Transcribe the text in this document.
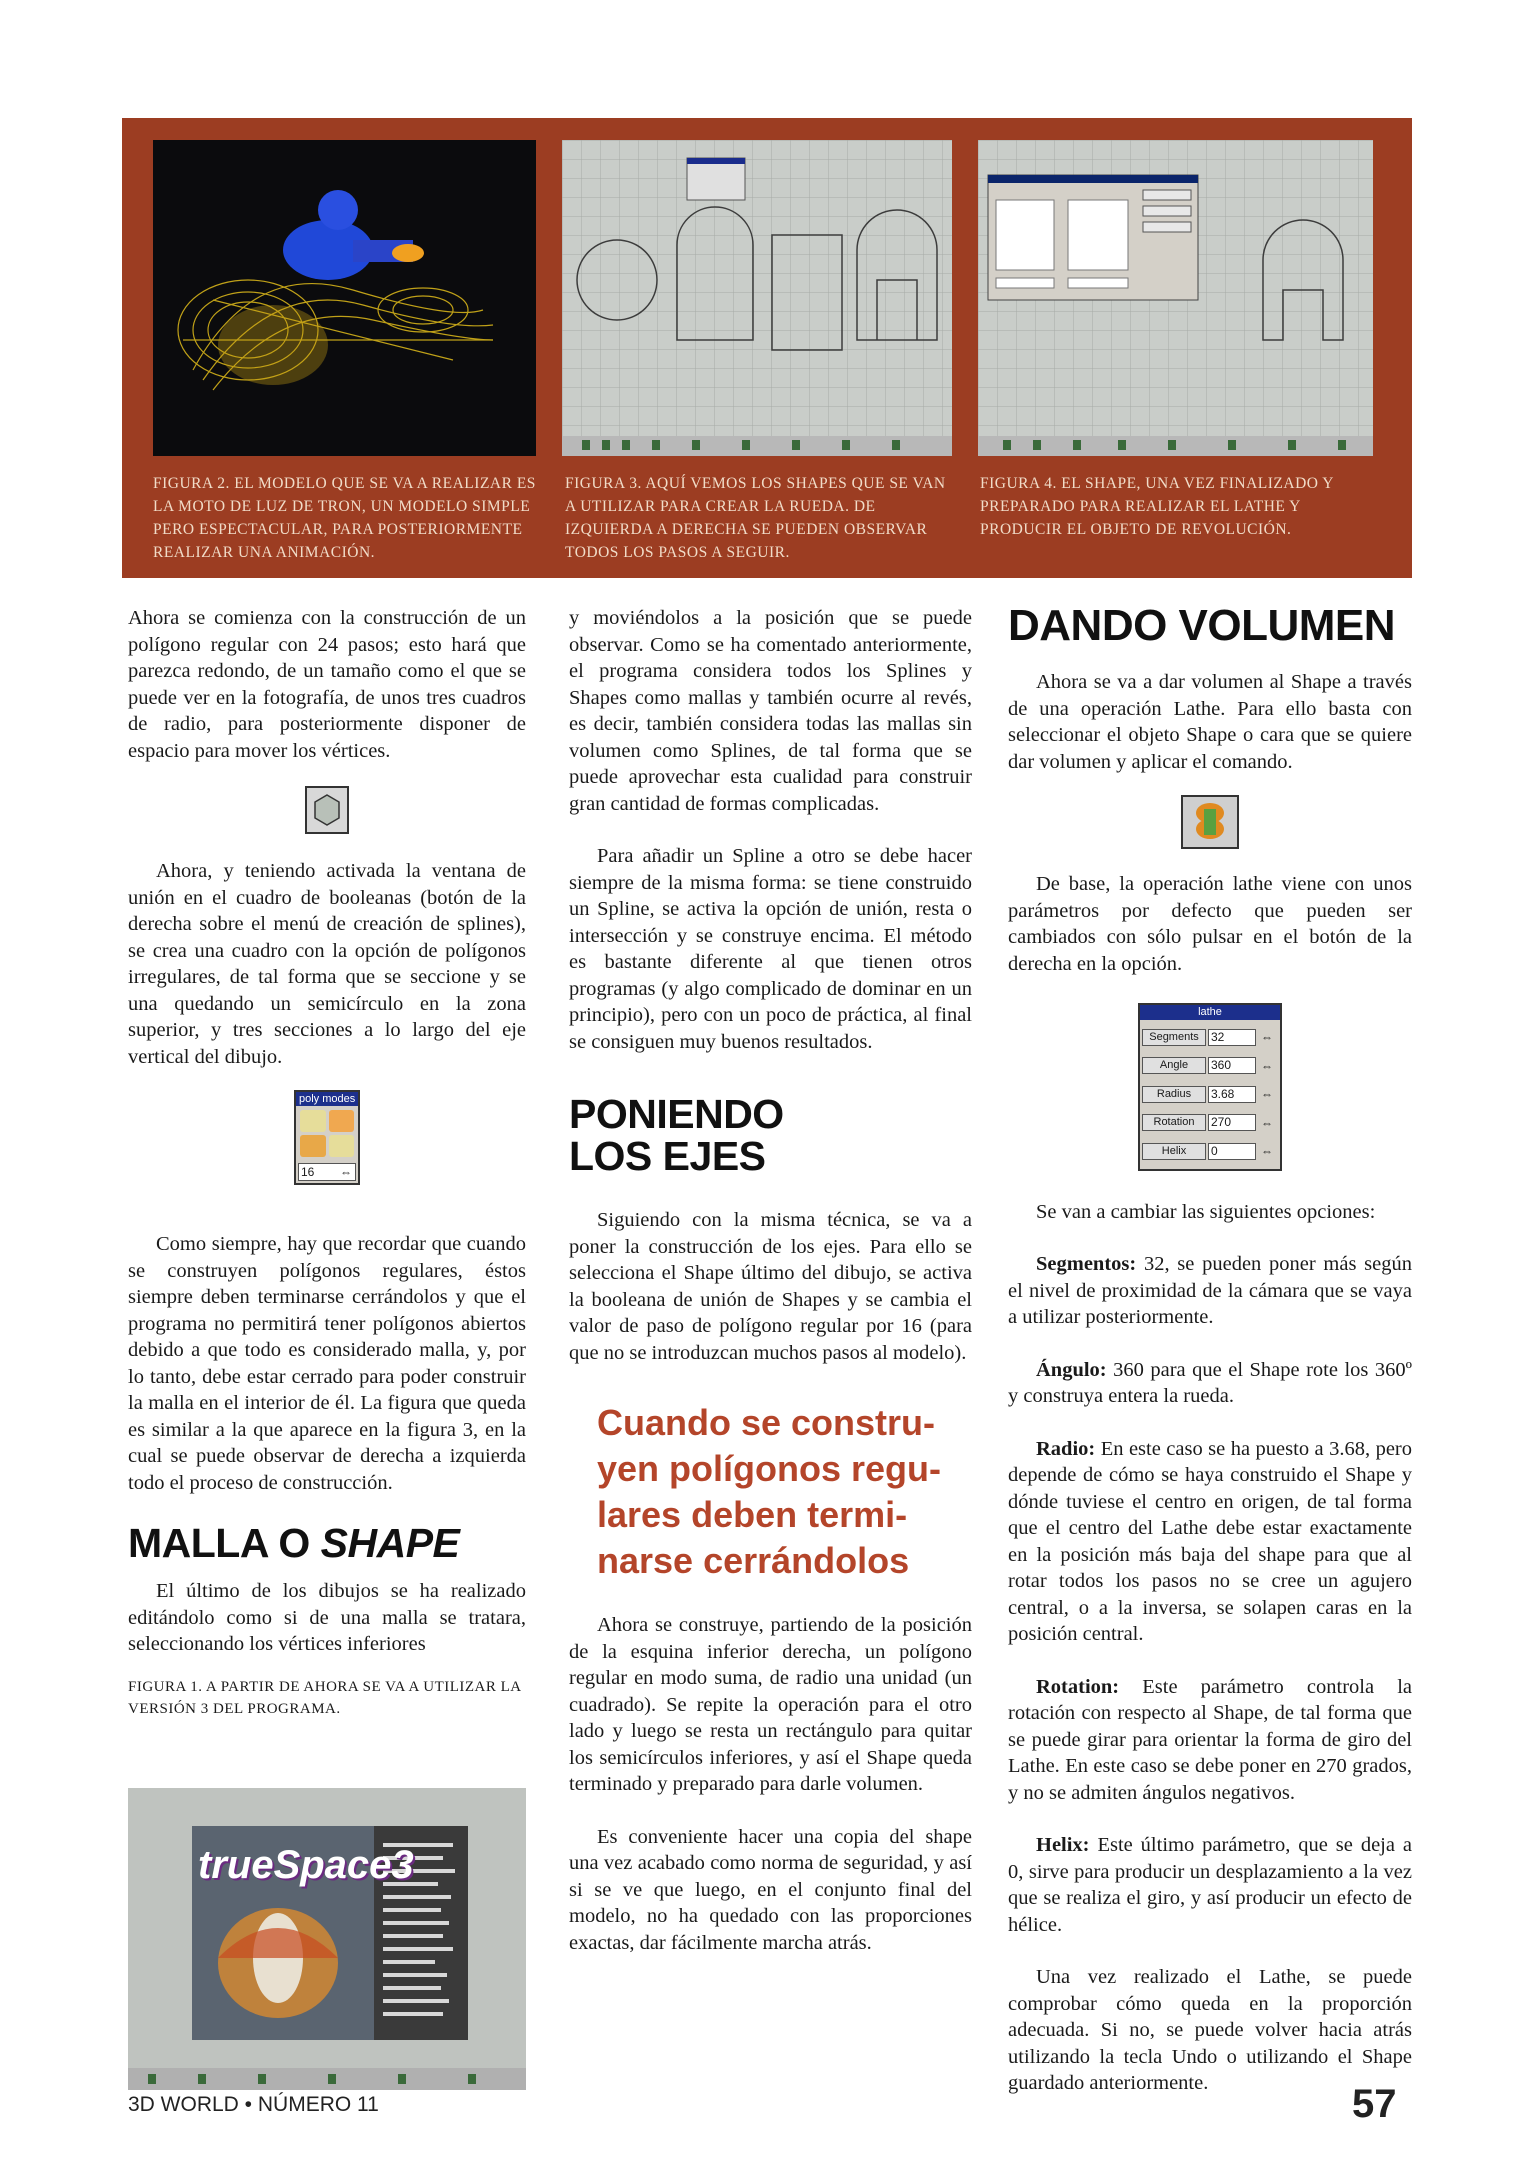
FIGURA 2. EL MODELO QUE SE VA A REALIZAR ES LA MOTO DE LUZ DE TRON, UN MODELO SIMPLE PERO ESPECTACULAR, PARA POSTERIORMENTE REALIZAR UNA ANIMACIÓN.
FIGURA 3. AQUÍ VEMOS LOS SHAPES QUE SE VAN A UTILIZAR PARA CREAR LA RUEDA. DE IZQUIERDA A DERECHA SE PUEDEN OBSERVAR TODOS LOS PASOS A SEGUIR.
FIGURA 4. EL SHAPE, UNA VEZ FINALIZADO Y PREPARADO PARA REALIZAR EL LATHE Y PRODUCIR EL OBJETO DE REVOLUCIÓN.

Ahora se comienza con la construcción de un polígono regular con 24 pasos; esto hará que parezca redondo, de un tamaño como el que se puede ver en la fotografía, de unos tres cuadros de radio, para posteriormente disponer de espacio para mover los vértices.

Ahora, y teniendo activada la ventana de unión en el cuadro de booleanas (botón de la derecha sobre el menú de creación de splines), se crea una cuadro con la opción de polígonos irregulares, de tal forma que se seccione y se una quedando un semicírculo en la zona superior, y tres secciones a lo largo del eje vertical del dibujo.

poly modes
16 ⇔

Como siempre, hay que recordar que cuando se construyen polígonos regulares, éstos siempre deben terminarse cerrándolos y que el programa no permitirá tener polígonos abiertos debido a que todo es considerado malla, y, por lo tanto, debe estar cerrado para poder construir la malla en el interior de él. La figura que queda es similar a la que aparece en la figura 3, en la cual se puede observar de derecha a izquierda todo el proceso de construcción.

MALLA O SHAPE

El último de los dibujos se ha realizado editándolo como si de una malla se tratara, seleccionando los vértices inferiores

FIGURA 1. A PARTIR DE AHORA SE VA A UTILIZAR LA VERSIÓN 3 DEL PROGRAMA.
trueSpace3

y moviéndolos a la posición que se puede observar. Como se ha comentado anteriormente, el programa considera todos los Splines y Shapes como mallas y también ocurre al revés, es decir, también considera todas las mallas sin volumen como Splines, de tal forma que se puede aprovechar esta cualidad para construir gran cantidad de formas complicadas.

Para añadir un Spline a otro se debe hacer siempre de la misma forma: se tiene construido un Spline, se activa la opción de unión, resta o intersección y se construye encima. El método es bastante diferente al que tienen otros programas (y algo complicado de dominar en un principio), pero con un poco de práctica, al final se consiguen muy buenos resultados.

PONIENDO
LOS EJES

Siguiendo con la misma técnica, se va a poner la construcción de los ejes. Para ello se selecciona el Shape último del dibujo, se activa la booleana de unión de Shapes y se cambia el valor de paso de polígono regular por 16 (para que no se introduzcan muchos pasos al modelo).

Cuando se constru-

yen polígonos regu-

lares deben termi-

narse cerrándolos

Ahora se construye, partiendo de la posición de la esquina inferior derecha, un polígono regular en modo suma, de radio una unidad (un cuadrado). Se repite la operación para el otro lado y luego se resta un rectángulo para quitar los semicírculos inferiores, y así el Shape queda terminado y preparado para darle volumen.

Es conveniente hacer una copia del shape una vez acabado como norma de seguridad, y así si se ve que luego, en el conjunto final del modelo, no ha quedado con las proporciones exactas, dar fácilmente marcha atrás.

DANDO VOLUMEN

Ahora se va a dar volumen al Shape a través de una operación Lathe. Para ello basta con seleccionar el objeto Shape o cara que se quiere dar volumen y aplicar el comando.

De base, la operación lathe viene con unos parámetros por defecto que pueden ser cambiados con sólo pulsar en el botón de la derecha en la opción.

lathe
Segments	32	⇔
Angle	360	⇔
Radius	3.68	⇔
Rotation	270	⇔
Helix	0	⇔

Se van a cambiar las siguientes opciones:

Segmentos: 32, se pueden poner más según el nivel de proximidad de la cámara que se vaya a utilizar posteriormente.

Ángulo: 360 para que el Shape rote los 360º y construya entera la rueda.

Radio: En este caso se ha puesto a 3.68, pero depende de cómo se haya construido el Shape y dónde tuviese el centro en origen, de tal forma que el centro del Lathe debe estar exactamente en la posición más baja del shape para que al rotar todos los pasos no se cree un agujero central, o a la inversa, se solapen caras en la posición central.

Rotation: Este parámetro controla la rotación con respecto al Shape, de tal forma que se puede girar para orientar la forma de giro del Lathe. En este caso se debe poner en 270 grados, y no se admiten ángulos negativos.

Helix: Este último parámetro, que se deja a 0, sirve para producir un desplazamiento a la vez que se realiza el giro, y así producir un efecto de hélice.

Una vez realizado el Lathe, se puede comprobar cómo queda en la proporción adecuada. Si no, se puede volver hacia atrás utilizando la tecla Undo o utilizando el Shape guardado anteriormente.

3D WORLD • NÚMERO 11	57
